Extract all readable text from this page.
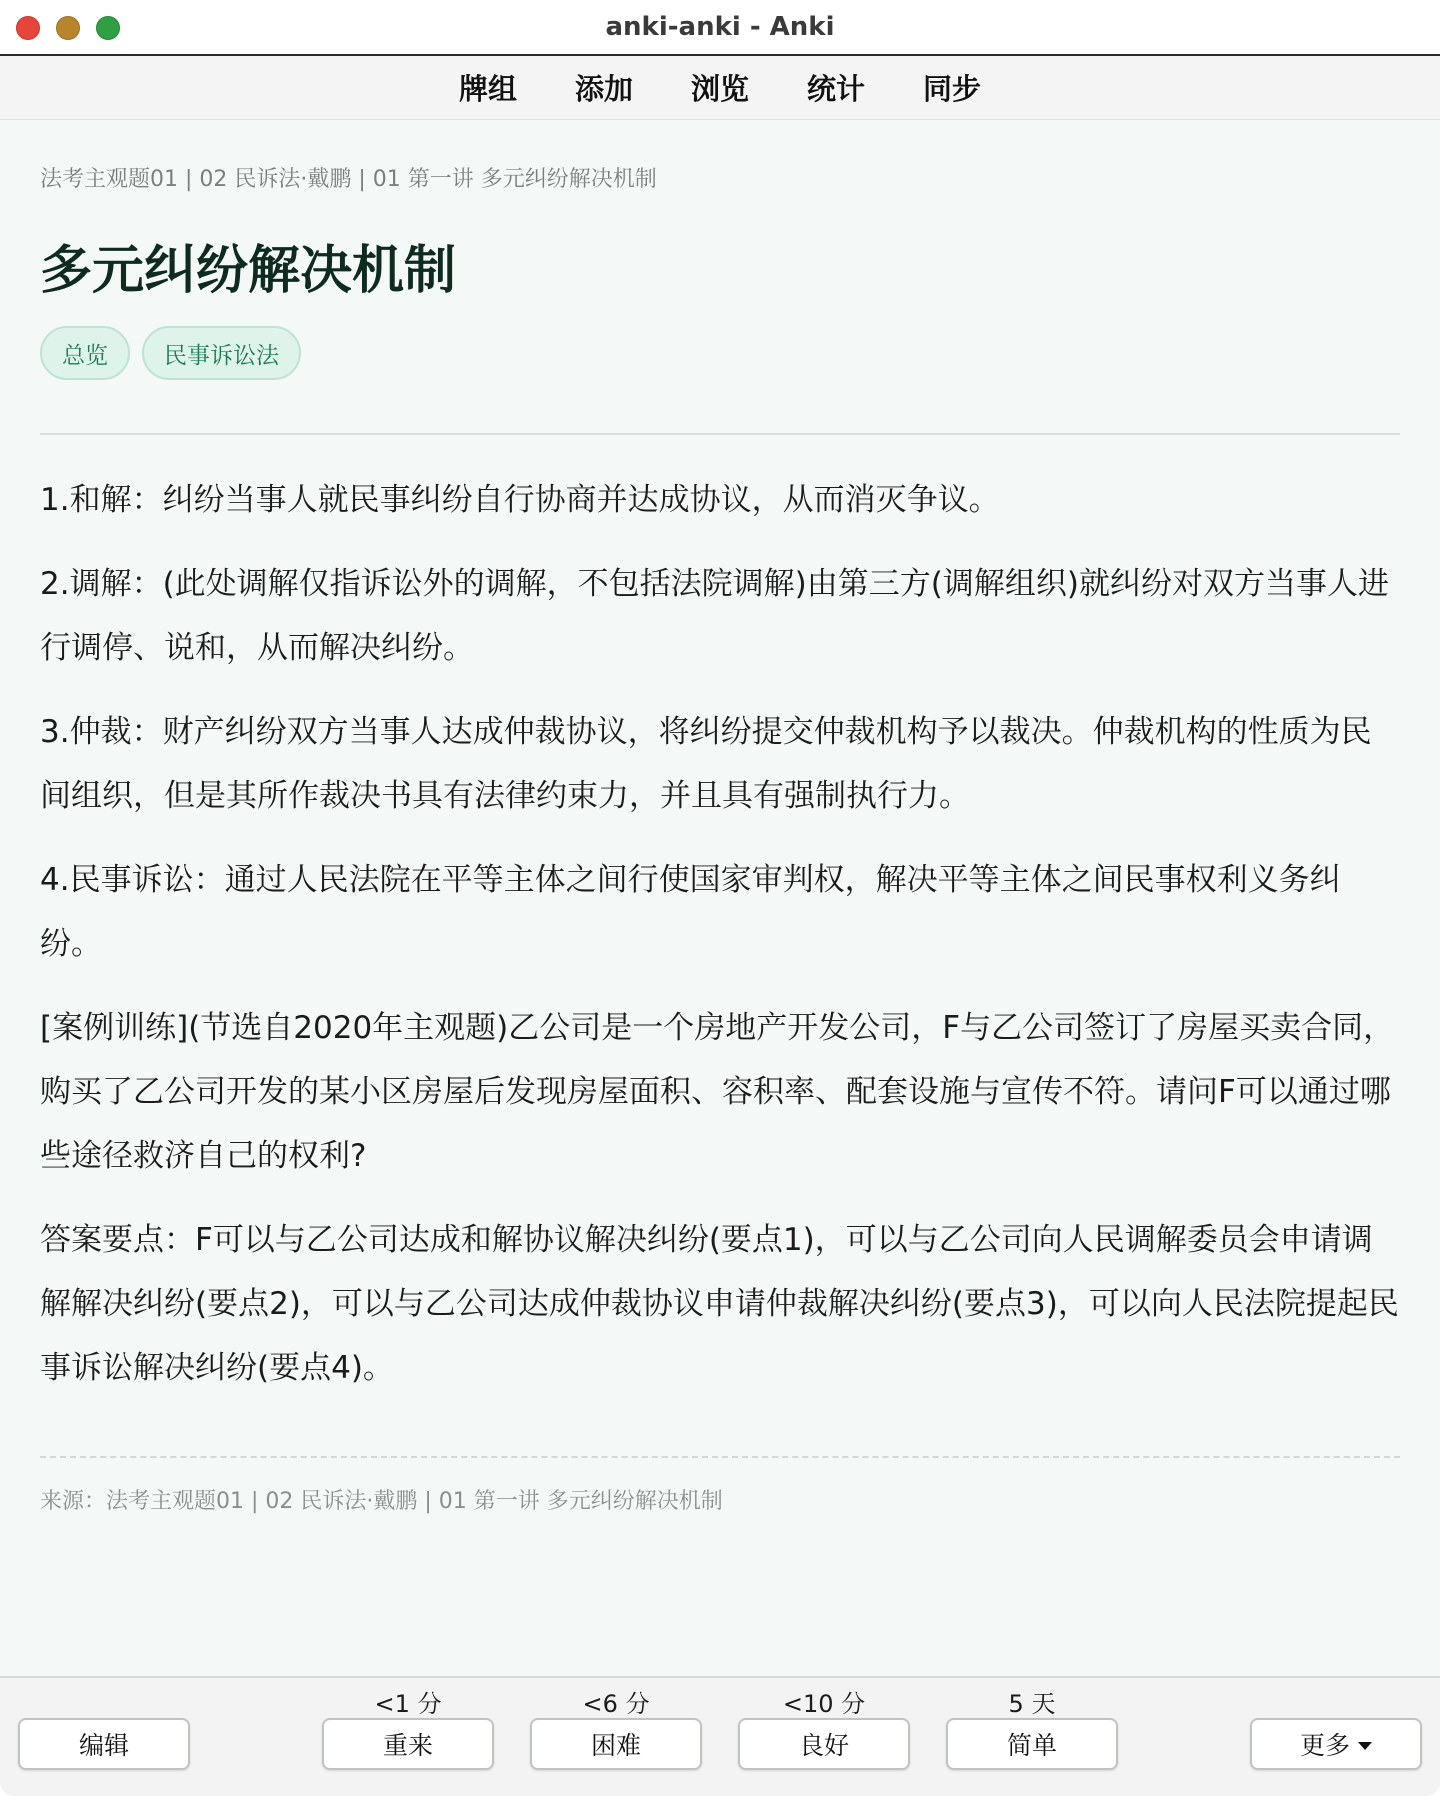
anki-anki - Anki
牌组 添加 浏览 统计 同步
法考主观题01 | 02 民诉法·戴鹏 | 01 第一讲 多元纠纷解决机制
多元纠纷解决机制
总览	民事诉讼法

1.和解：纠纷当事人就民事纠纷自行协商并达成协议，从而消灭争议。

2.调解：(此处调解仅指诉讼外的调解，不包括法院调解)由第三方(调解组织)就纠纷对双方当事人进行调停、说和，从而解决纠纷。

3.仲裁：财产纠纷双方当事人达成仲裁协议，将纠纷提交仲裁机构予以裁决。仲裁机构的性质为民间组织，但是其所作裁决书具有法律约束力，并且具有强制执行力。

4.民事诉讼：通过人民法院在平等主体之间行使国家审判权，解决平等主体之间民事权利义务纠纷。

[案例训练](节选自2020年主观题)乙公司是一个房地产开发公司，F与乙公司签订了房屋买卖合同，购买了乙公司开发的某小区房屋后发现房屋面积、容积率、配套设施与宣传不符。请问F可以通过哪些途径救济自己的权利?

答案要点：F可以与乙公司达成和解协议解决纠纷(要点1)，可以与乙公司向人民调解委员会申请调解解决纠纷(要点2)，可以与乙公司达成仲裁协议申请仲裁解决纠纷(要点3)，可以向人民法院提起民事诉讼解决纠纷(要点4)。

来源：法考主观题01 | 02 民诉法·戴鹏 | 01 第一讲 多元纠纷解决机制
编辑
<1 分
重来
<6 分
困难
<10 分
良好
5 天
简单	更多
